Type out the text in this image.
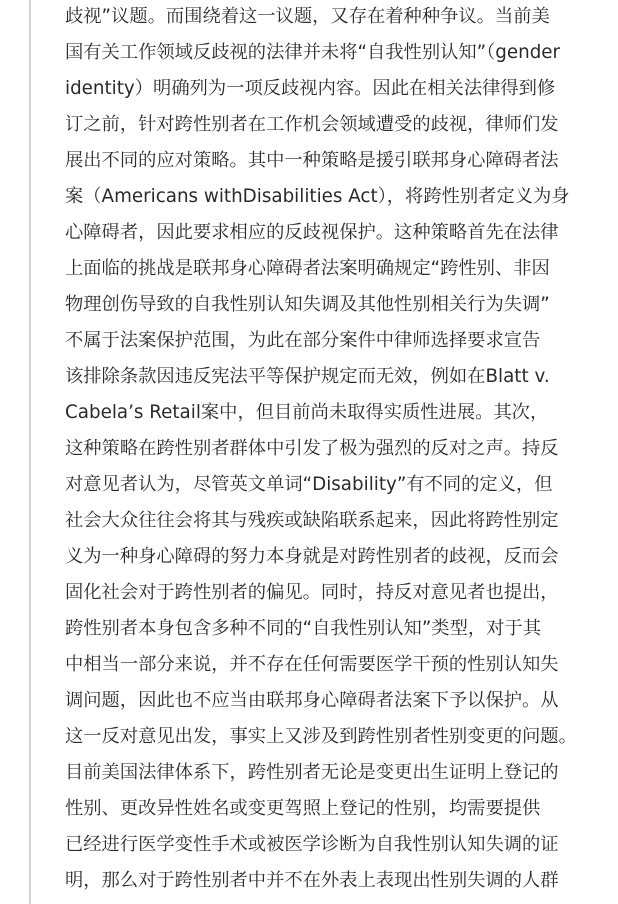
歧视”议题。而围绕着这一议题，又存在着种种争议。当前美
国有关工作领域反歧视的法律并未将“自我性别认知”（gender
identity）明确列为一项反歧视内容。因此在相关法律得到修
订之前，针对跨性别者在工作机会领域遭受的歧视，律师们发
展出不同的应对策略。其中一种策略是援引联邦身心障碍者法
案（Americans withDisabilities Act），将跨性别者定义为身
心障碍者，因此要求相应的反歧视保护。这种策略首先在法律
上面临的挑战是联邦身心障碍者法案明确规定“跨性别、非因
物理创伤导致的自我性别认知失调及其他性别相关行为失调”
不属于法案保护范围，为此在部分案件中律师选择要求宣告
该排除条款因违反宪法平等保护规定而无效，例如在Blatt v.
Cabela’s Retail案中，但目前尚未取得实质性进展。其次，
这种策略在跨性别者群体中引发了极为强烈的反对之声。持反
对意见者认为，尽管英文单词“Disability”有不同的定义，但
社会大众往往会将其与残疾或缺陷联系起来，因此将跨性别定
义为一种身心障碍的努力本身就是对跨性别者的歧视，反而会
固化社会对于跨性别者的偏见。同时，持反对意见者也提出，
跨性别者本身包含多种不同的“自我性别认知”类型，对于其
中相当一部分来说，并不存在任何需要医学干预的性别认知失
调问题，因此也不应当由联邦身心障碍者法案下予以保护。从
这一反对意见出发，事实上又涉及到跨性别者性别变更的问题。
目前美国法律体系下，跨性别者无论是变更出生证明上登记的
性别、更改异性姓名或变更驾照上登记的性别，均需要提供
已经进行医学变性手术或被医学诊断为自我性别认知失调的证
明，那么对于跨性别者中并不在外表上表现出性别失调的人群
